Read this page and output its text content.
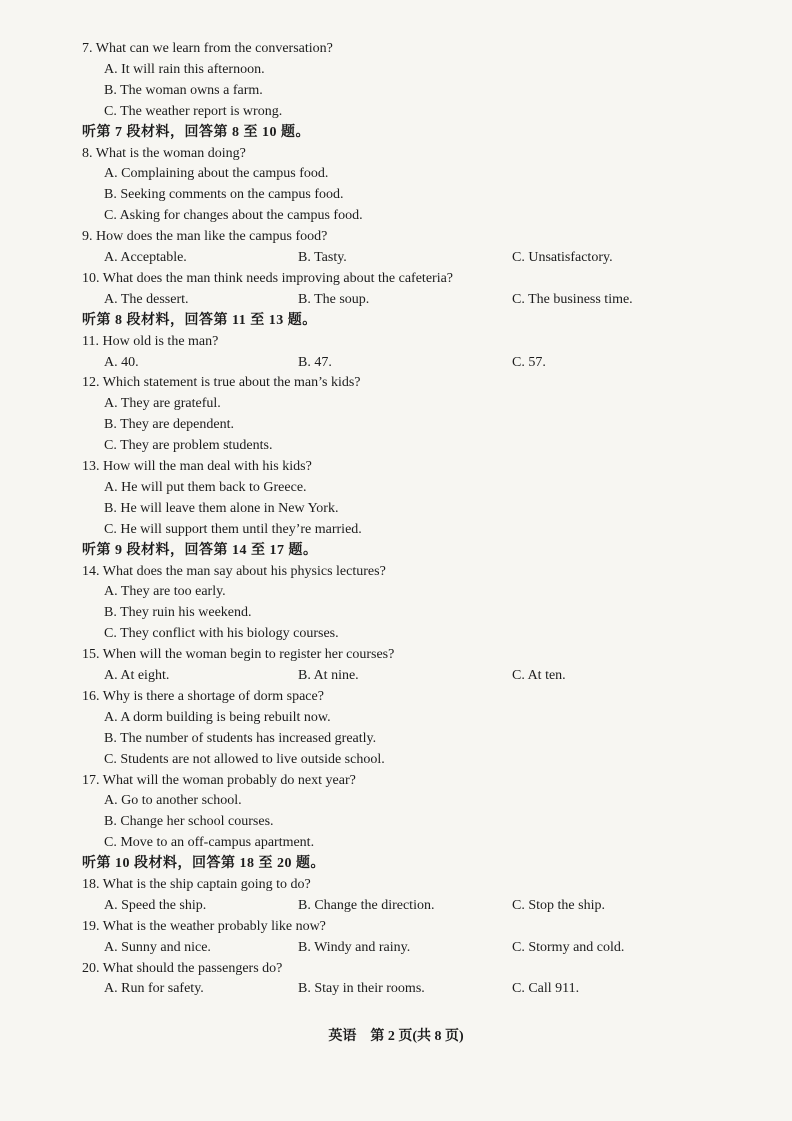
7. What can we learn from the conversation?
A. It will rain this afternoon.
B. The woman owns a farm.
C. The weather report is wrong.
听第 7 段材料，回答第 8 至 10 题。
8. What is the woman doing?
A. Complaining about the campus food.
B. Seeking comments on the campus food.
C. Asking for changes about the campus food.
9. How does the man like the campus food?
A. Acceptable.	B. Tasty.	C. Unsatisfactory.
10. What does the man think needs improving about the cafeteria?
A. The dessert.	B. The soup.	C. The business time.
听第 8 段材料，回答第 11 至 13 题。
11. How old is the man?
A. 40.	B. 47.	C. 57.
12. Which statement is true about the man’s kids?
A. They are grateful.
B. They are dependent.
C. They are problem students.
13. How will the man deal with his kids?
A. He will put them back to Greece.
B. He will leave them alone in New York.
C. He will support them until they’re married.
听第 9 段材料，回答第 14 至 17 题。
14. What does the man say about his physics lectures?
A. They are too early.
B. They ruin his weekend.
C. They conflict with his biology courses.
15. When will the woman begin to register her courses?
A. At eight.	B. At nine.	C. At ten.
16. Why is there a shortage of dorm space?
A. A dorm building is being rebuilt now.
B. The number of students has increased greatly.
C. Students are not allowed to live outside school.
17. What will the woman probably do next year?
A. Go to another school.
B. Change her school courses.
C. Move to an off-campus apartment.
听第 10 段材料，回答第 18 至 20 题。
18. What is the ship captain going to do?
A. Speed the ship.	B. Change the direction.	C. Stop the ship.
19. What is the weather probably like now?
A. Sunny and nice.	B. Windy and rainy.	C. Stormy and cold.
20. What should the passengers do?
A. Run for safety.	B. Stay in their rooms.	C. Call 911.
英语　第 2 页(共 8 页)
